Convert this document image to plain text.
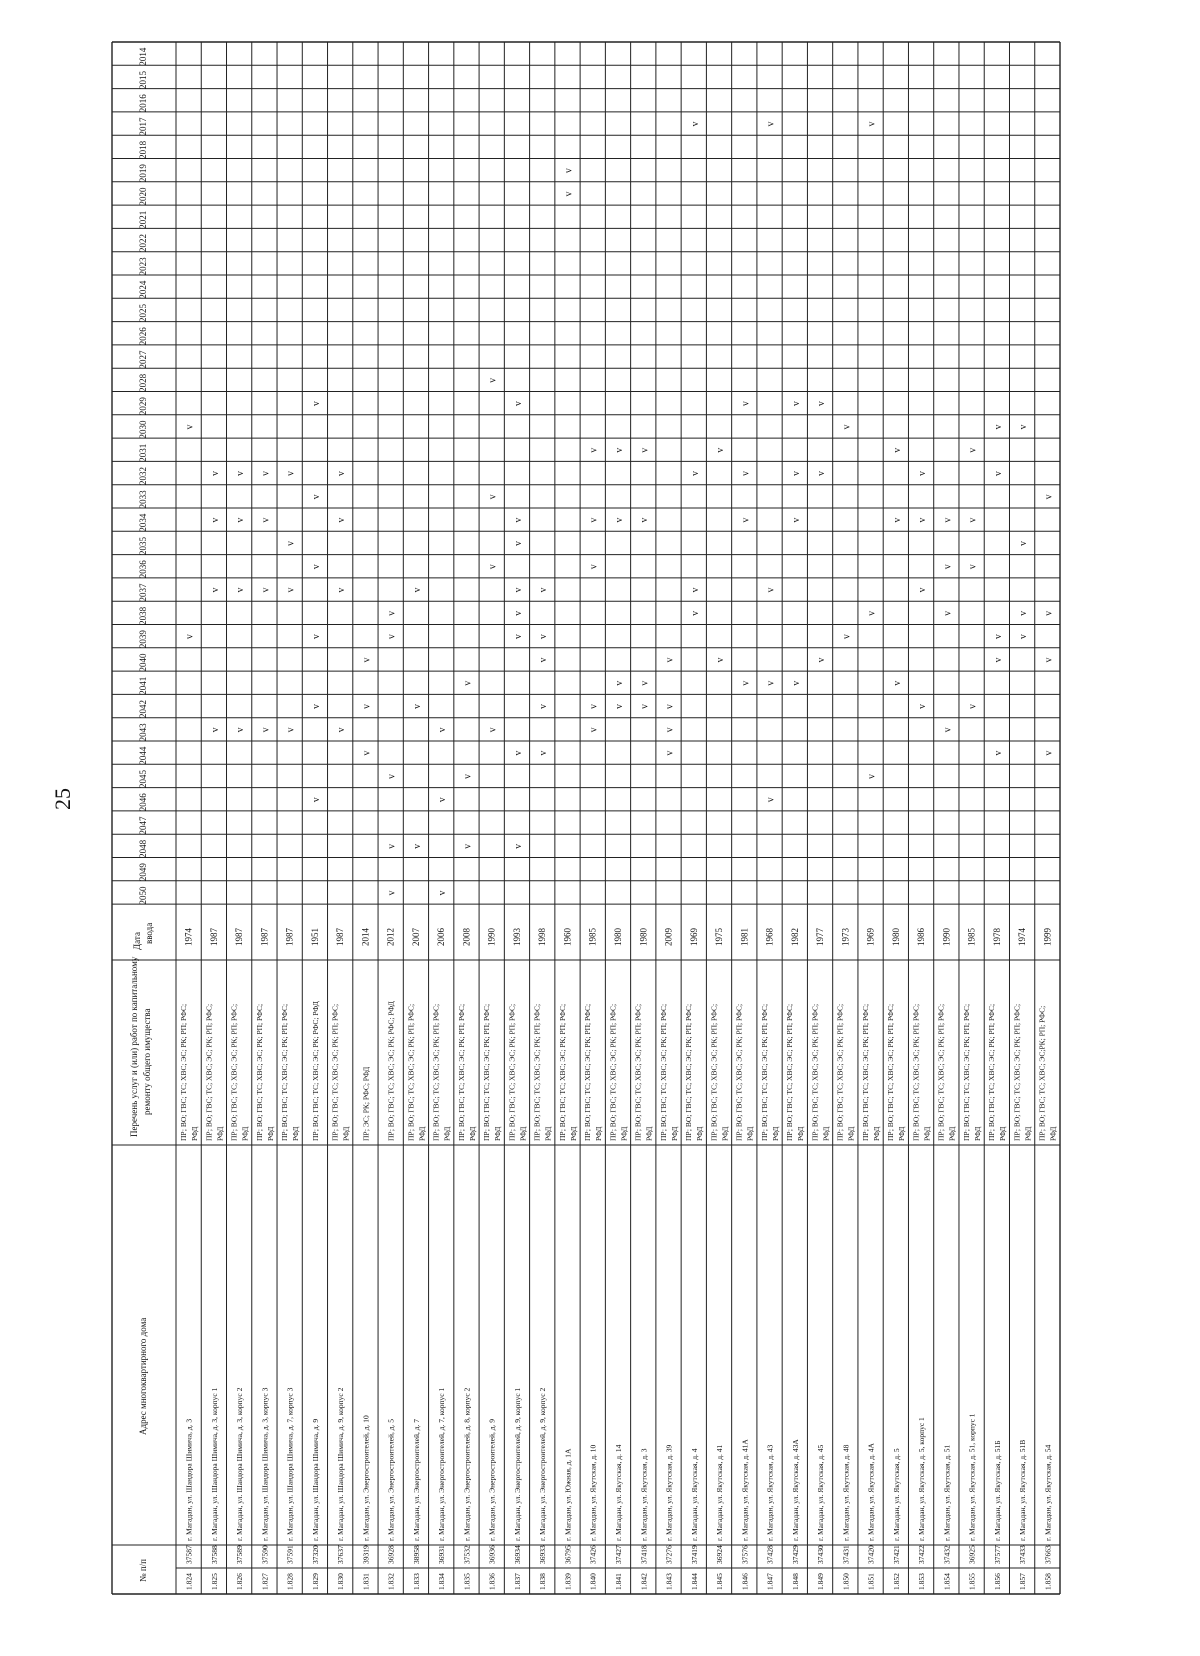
25
2014
2015
2016
2017
2018
2019
2020
2021
2022
2023
2024
2025
2026
2027
2028
2029
2030
2031
2032
2033
2034
2035
2036
2037
2038
2039
2040
2041
2042
2043
2044
2045
2046
2047
2048
2049
2050
Дата ввода
Перечень услуг и (или) работ по капитальному ремонту общего имущества
Адрес многоквартирного дома
№ п/п	1.824
37587
г. Магадан, ул. Шандора Шимича, д. 3
ПР; ВО; ГВС; ТС; ХВС; ЭС; РК; РП; РФС; РФД
1974
v
v
1.825
37588
г. Магадан, ул. Шандора Шимича, д. 3, корпус 1
ПР; ВО; ГВС; ТС; ХВС; ЭС; РК; РП; РФС; РФД
1987
v
v
v
v
1.826
37589
г. Магадан, ул. Шандора Шимича, д. 3, корпус 2
ПР; ВО; ГВС; ТС; ХВС; ЭС; РК; РП; РФС; РФД
1987
v
v
v
v
1.827
37590
г. Магадан, ул. Шандора Шимича, д. 3, корпус 3
ПР; ВО; ГВС; ТС; ХВС; ЭС; РК; РП; РФС; РФД
1987
v
v
v
v
1.828
37591
г. Магадан, ул. Шандора Шимича, д. 7, корпус 3
ПР; ВО; ГВС; ТС; ХВС; ЭС; РК; РП; РФС; РФД
1987
v
v
v
v
1.829
37320
г. Магадан, ул. Шандора Шимича, д. 9
ПР; ВО; ГВС; ТС; ХВС; ЭС; РК; РФС; РФД
1951
v
v
v
v
v
v
1.830
37637
г. Магадан, ул. Шандора Шимича, д. 9, корпус 2
ПР; ВО; ГВС; ТС; ХВС; ЭС; РК; РП; РФС; РФД
1987
v
v
v
v
1.831
39319
г. Магадан, ул. Энергостроителей, д. 10
ПР; ЭС; РК; РФС; РФД
2014
v
v
v
1.832
36928
г. Магадан, ул. Энергостроителей, д. 5
ПР; ВО; ГВС; ТС; ХВС; ЭС; РК; РФС; РФД
2012
v
v
v
v
v
1.833
38958
г. Магадан, ул. Энергостроителей, д. 7
ПР; ВО; ГВС; ТС; ХВС; ЭС; РК; РП; РФС; РФД
2007
v
v
v
1.834
36931
г. Магадан, ул. Энергостроителей, д. 7, корпус 1
ПР; ВО; ГВС; ТС; ХВС; ЭС; РК; РП; РФС; РФД
2006
v
v
v
1.835
37532
г. Магадан, ул. Энергостроителей, д. 8, корпус 2
ПР; ВО; ГВС; ТС; ХВС; ЭС; РК; РП; РФС; РФД
2008
v
v
v
1.836
36936
г. Магадан, ул. Энергостроителей, д. 9
ПР; ВО; ГВС; ТС; ХВС; ЭС; РК; РП; РФС; РФД
1990
v
v
v
v
1.837
36934
г. Магадан, ул. Энергостроителей, д. 9, корпус 1
ПР; ВО; ГВС; ТС; ХВС; ЭС; РК; РП; РФС; РФД
1993
v
v
v
v
v
v
v
v
1.838
36933
г. Магадан, ул. Энергостроителей, д. 9, корпус 2
ПР; ВО; ГВС; ТС; ХВС; ЭС; РК; РП; РФС; РФД
1998
v
v
v
v
v
1.839
36795
г. Магадан, ул. Южная, д. 1А
ПР; ВО; ГВС; ТС; ХВС; ЭС; РК; РП; РФС; РФД
1960
v
v
1.840
37426
г. Магадан, ул. Якутская, д. 10
ПР; ВО; ГВС; ТС; ХВС; ЭС; РК; РП; РФС; РФД
1985
v
v
v
v
v
1.841
37427
г. Магадан, ул. Якутская, д. 14
ПР; ВО; ГВС; ТС; ХВС; ЭС; РК; РП; РФС; РФД
1980
v
v
v
v
1.842
37418
г. Магадан, ул. Якутская, д. 3
ПР; ВО; ГВС; ТС; ХВС; ЭС; РК; РП; РФС; РФД
1980
v
v
v
v
1.843
37276
г. Магадан, ул. Якутская, д. 39
ПР; ВО; ГВС; ТС; ХВС; ЭС; РК; РП; РФС; РФД
2009
v
v
v
v
1.844
37419
г. Магадан, ул. Якутская, д. 4
ПР; ВО; ГВС; ТС; ХВС; ЭС; РК; РП; РФС; РФД
1969
v
v
v
v
1.845
36924
г. Магадан, ул. Якутская, д. 41
ПР; ВО; ГВС; ТС; ХВС; ЭС; РК; РП; РФС; РФД
1975
v
v
1.846
37576
г. Магадан, ул. Якутская, д. 41А
ПР; ВО; ГВС; ТС; ХВС; ЭС; РК; РП; РФС; РФД
1981
v
v
v
v
1.847
37428
г. Магадан, ул. Якутская, д. 43
ПР; ВО; ГВС; ТС; ХВС; ЭС; РК; РП; РФС; РФД
1968
v
v
v
v
1.848
37429
г. Магадан, ул. Якутская, д. 43А
ПР; ВО; ГВС; ТС; ХВС; ЭС; РК; РП; РФС; РФД
1982
v
v
v
v
1.849
37430
г. Магадан, ул. Якутская, д. 45
ПР; ВО; ГВС; ТС; ХВС; ЭС; РК; РП; РФС; РФД
1977
v
v
v
1.850
37431
г. Магадан, ул. Якутская, д. 48
ПР; ВО; ГВС; ТС; ХВС; ЭС; РК; РП; РФС; РФД
1973
v
v
1.851
37420
г. Магадан, ул. Якутская, д. 4А
ПР; ВО; ГВС; ТС; ХВС; ЭС; РК; РП; РФС; РФД
1969
v
v
v
1.852
37421
г. Магадан, ул. Якутская, д. 5
ПР; ВО; ГВС; ТС; ХВС; ЭС; РК; РП; РФС; РФД
1980
v
v
v
1.853
37422
г. Магадан, ул. Якутская, д. 5, корпус 1
ПР; ВО; ГВС; ТС; ХВС; ЭС; РК; РП; РФС; РФД
1986
v
v
v
v
1.854
37432
г. Магадан, ул. Якутская, д. 51
ПР; ВО; ГВС; ТС; ХВС; ЭС; РК; РП; РФС; РФД
1990
v
v
v
v
1.855
36925
г. Магадан, ул. Якутская, д. 51, корпус 1
ПР; ВО; ГВС; ТС; ХВС; ЭС; РК; РП; РФС; РФД
1985
v
v
v
v
1.856
37577
г. Магадан, ул. Якутская, д. 51Б
ПР; ВО; ГВС; ТС; ХВС; ЭС; РК; РП; РФС; РФД
1978
v
v
v
v
v
1.857
37433
г. Магадан, ул. Якутская, д. 51В
ПР; ВО; ГВС; ТС; ХВС; ЭС; РК; РП; РФС; РФД
1974
v
v
v
v
1.858
37663
г. Магадан, ул. Якутская, д. 54
ПР; ВО; ГВС; ТС; ХВС; ЭС;РК; РП; РФС; РФД
1999
v
v
v
v
